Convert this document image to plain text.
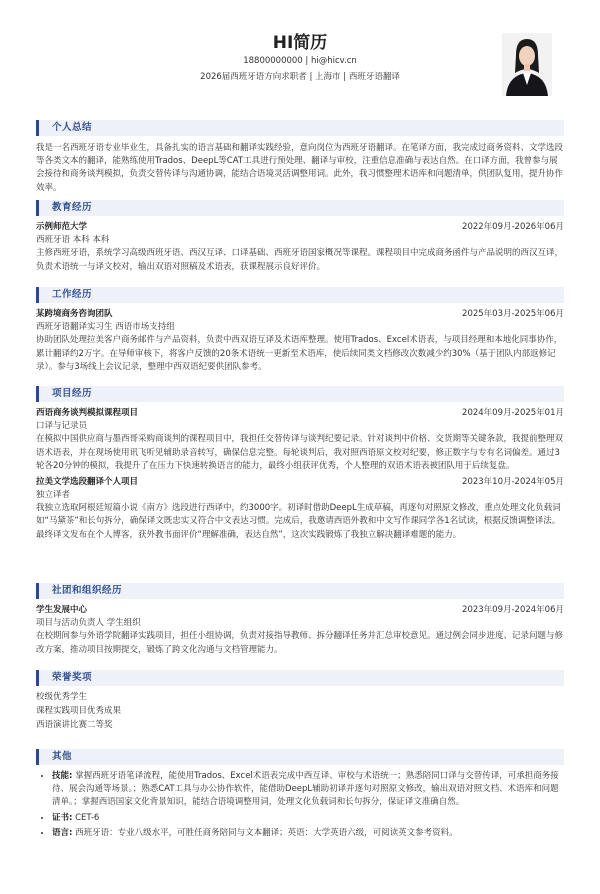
HI简历
18800000000 | hi@hicv.cn
2026届西班牙语方向求职者 | 上海市 | 西班牙语翻译
个人总结

我是一名西班牙语专业毕业生，具备扎实的语言基础和翻译实践经验，意向岗位为西班牙语翻译。在笔译方面，我完成过商务资料、文学选段等各类文本的翻译，能熟练使用Trados、DeepL等CAT工具进行预处理、翻译与审校，注重信息准确与表达自然。在口译方面，我曾参与展会接待和商务谈判模拟，负责交替传译与沟通协调，能结合语境灵活调整用词。此外，我习惯整理术语库和问题清单，供团队复用，提升协作效率。

教育经历
示例师范大学	2022年09月-2026年06月
西班牙语 本科 本科

主修西班牙语，系统学习高级西班牙语、西汉互译、口译基础、西班牙语国家概况等课程。课程项目中完成商务函件与产品说明的西汉互译，负责术语统一与译文校对，输出双语对照稿及术语表，获课程展示良好评价。

工作经历
某跨境商务咨询团队	2025年03月-2025年06月
西班牙语翻译实习生 西语市场支持组

协助团队处理拉美客户商务邮件与产品资料，负责中西双语互译及术语库整理。使用Trados、Excel术语表，与项目经理和本地化同事协作，累计翻译约2万字。在导师审核下，将客户反馈的20条术语统一更新至术语库，使后续同类文档修改次数减少约30%（基于团队内部返修记录）。参与3场线上会议记录，整理中西双语纪要供团队参考。

项目经历
西语商务谈判模拟课程项目	2024年09月-2025年01月
口译与记录员

在模拟中国供应商与墨西哥采购商谈判的课程项目中，我担任交替传译与谈判纪要记录。针对谈判中价格、交货期等关键条款，我提前整理双语术语表，并在现场使用讯飞听见辅助录音转写，确保信息完整。每轮谈判后，我对照西语原文校对纪要，修正数字与专有名词偏差。通过3轮各20分钟的模拟，我提升了在压力下快速转换语言的能力，最终小组获评优秀，个人整理的双语术语表被团队用于后续复盘。

拉美文学选段翻译个人项目	2023年10月-2024年05月
独立译者

我独立选取阿根廷短篇小说《南方》选段进行西译中，约3000字。初译时借助DeepL生成草稿，再逐句对照原文修改，重点处理文化负载词如“马黛茶”和长句拆分，确保译文既忠实又符合中文表达习惯。完成后，我邀请西语外教和中文写作课同学各1名试读，根据反馈调整译法。最终译文发布在个人博客，获外教书面评价“理解准确，表达自然”，这次实践锻炼了我独立解决翻译难题的能力。

社团和组织经历
学生发展中心	2023年09月-2024年06月
项目与活动负责人 学生组织

在校期间参与外语学院翻译实践项目，担任小组协调，负责对接指导教师、拆分翻译任务并汇总审校意见。通过例会同步进度、记录问题与修改方案，推动项目按期提交，锻炼了跨文化沟通与文档管理能力。

荣誉奖项
校级优秀学生
课程实践项目优秀成果
西语演讲比赛二等奖
其他
• 技能: 掌握西班牙语笔译流程，能使用Trados、Excel术语表完成中西互译、审校与术语统一；熟悉陪同口译与交替传译，可承担商务接待、展会沟通等场景。；熟悉CAT工具与办公协作软件，能借助DeepL辅助初译并逐句对照原文修改，输出双语对照文档、术语库和问题清单。；掌握西语国家文化背景知识，能结合语境调整用词，处理文化负载词和长句拆分，保证译文准确自然。
• 证书: CET-6
• 语言: 西班牙语：专业八级水平，可胜任商务陪同与文本翻译；英语：大学英语六级，可阅读英文参考资料。
